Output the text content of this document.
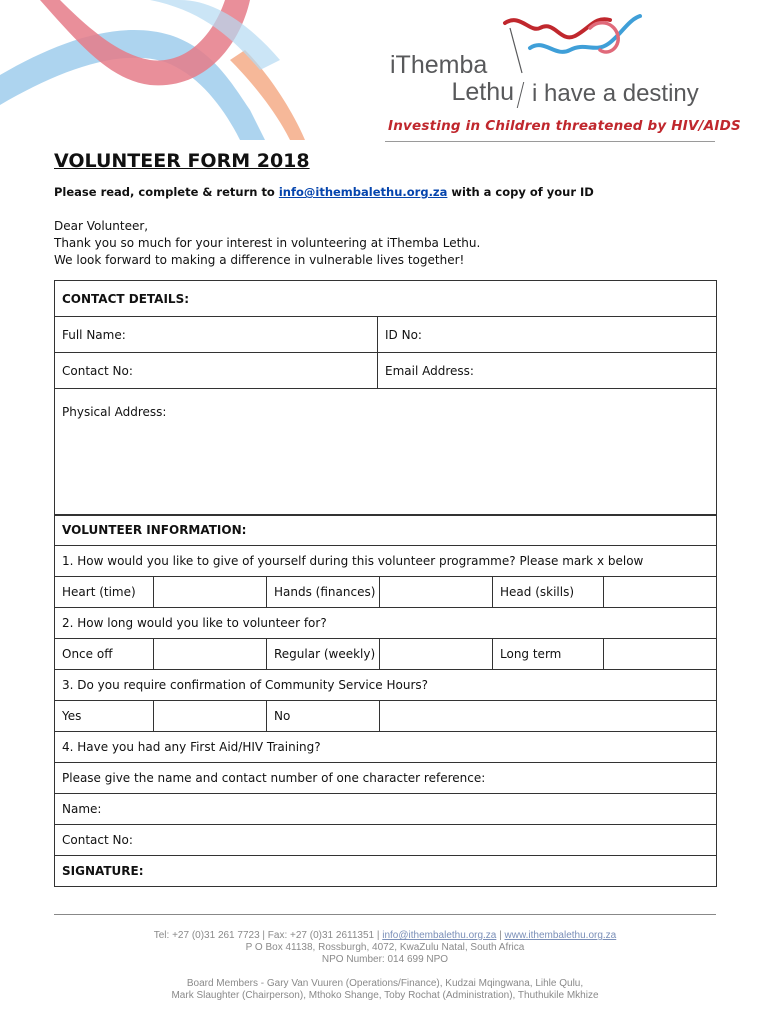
iThemba
Lethu i have a destiny
Investing in Children threatened by HIV/AIDS
VOLUNTEER FORM 2018
Please read, complete & return to info@ithembalethu.org.za with a copy of your ID
Dear Volunteer,
Thank you so much for your interest in volunteering at iThemba Lethu.
We look forward to making a difference in vulnerable lives together!
CONTACT DETAILS:	
Full Name:	ID No:
Contact No:	Email Address:
Physical Address:	
VOLUNTEER INFORMATION:					
1. How would you like to give of yourself during this volunteer programme? Please mark x below					
Heart (time)		Hands (finances)		Head (skills)	
2. How long would you like to volunteer for?					
Once off		Regular (weekly)		Long term	
3. Do you require confirmation of Community Service Hours?					
Yes		No			
4. Have you had any First Aid/HIV Training?					
Please give the name and contact number of one character reference:					
Name:					
Contact No:					
SIGNATURE:					
Tel: +27 (0)31 261 7723 | Fax: +27 (0)31 2611351 | info@ithembalethu.org.za | www.ithembalethu.org.za
P O Box 41138, Rossburgh, 4072, KwaZulu Natal, South Africa
NPO Number: 014 699 NPO
Board Members - Gary Van Vuuren (Operations/Finance), Kudzai Mqingwana, Lihle Qulu,
Mark Slaughter (Chairperson), Mthoko Shange, Toby Rochat (Administration), Thuthukile Mkhize
